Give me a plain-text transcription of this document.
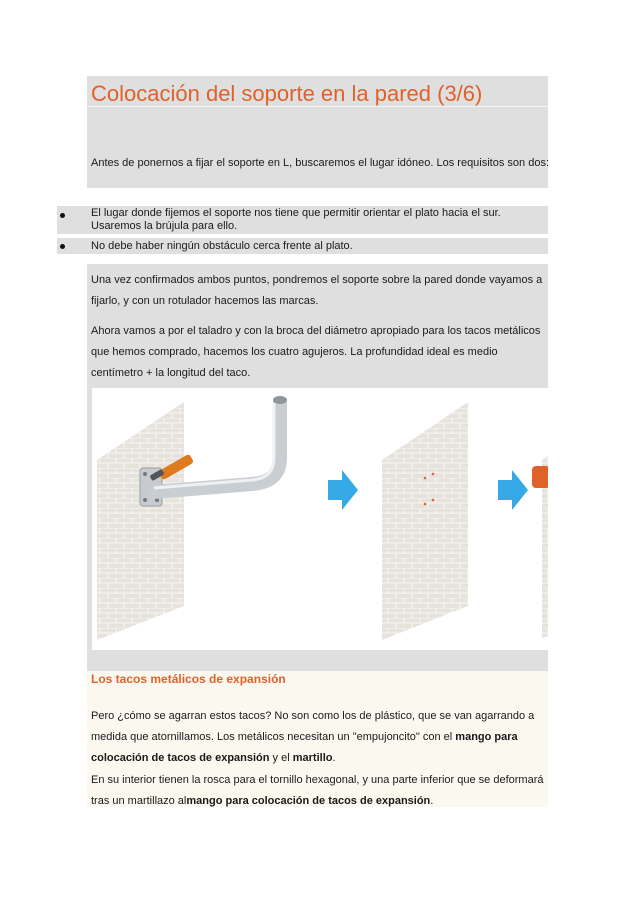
Colocación del soporte en la pared (3/6)

Antes de ponernos a fijar el soporte en L, buscaremos el lugar idóneo. Los requisitos son dos:

El lugar donde fijemos el soporte nos tiene que permitir orientar el plato hacia el sur. Usaremos la brújula para ello.
No debe haber ningún obstáculo cerca frente al plato.

Una vez confirmados ambos puntos, pondremos el soporte sobre la pared donde vayamos a fijarlo, y con un rotulador hacemos las marcas.

Ahora vamos a por el taladro y con la broca del diámetro apropiado para los tacos metálicos que hemos comprado, hacemos los cuatro agujeros. La profundidad ideal es medio centímetro + la longitud del taco.

Los tacos metálicos de expansión

Pero ¿cómo se agarran estos tacos? No son como los de plástico, que se van agarrando a medida que atornillamos. Los metálicos necesitan un "empujoncito" con el mango para colocación de tacos de expansión y el martillo.

En su interior tienen la rosca para el tornillo hexagonal, y una parte inferior que se deformará tras un martillazo almango para colocación de tacos de expansión.
